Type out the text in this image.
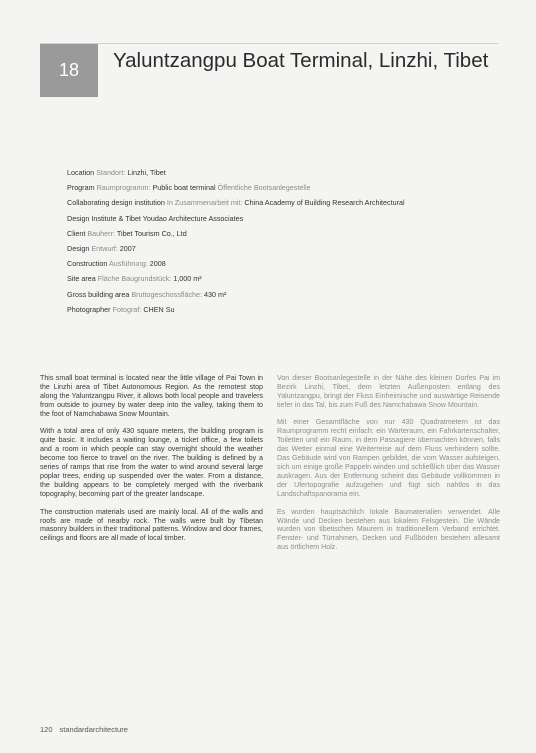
18 Yaluntzangpu Boat Terminal, Linzhi, Tibet
Location Standort: Linzhi, Tibet
Program Raumprogramm: Public boat terminal Öffentliche Bootsanlegestelle
Collaborating design institution In Zusammenarbeit mit: China Academy of Building Research Architectural
Design Institute & Tibet Youdao Architecture Associates
Client Bauherr: Tibet Tourism Co., Ltd
Design Entwurf: 2007
Construction Ausführung: 2008
Site area Fläche Baugrundstück: 1,000 m²
Gross building area Bruttogeschossfläche: 430 m²
Photographer Fotograf: CHEN Su

This small boat terminal is located near the little village of Pai Town in the Linzhi area of Tibet Autonomous Region. As the remotest stop along the Yaluntzangpu River, it allows both local people and travelers from outside to journey by water deep into the valley, taking them to the foot of Namchabawa Snow Mountain.

With a total area of only 430 square meters, the building program is quite basic. It includes a waiting lounge, a ticket office, a few toilets and a room in which people can stay overnight should the weather become too fierce to travel on the river. The building is defined by a series of ramps that rise from the water to wind around several large poplar trees, ending up suspended over the water. From a distance, the building appears to be completely merged with the riverbank topography, becoming part of the greater landscape.

The construction materials used are mainly local. All of the walls and roofs are made of nearby rock. The walls were built by Tibetan masonry builders in their traditional patterns. Window and door frames, ceilings and floors are all made of local timber.

Von dieser Bootsanlegestelle in der Nähe des kleinen Dorfes Pai im Bezirk Linzhi, Tibet, dem letzten Außenposten entlang des Yaluntzangpu, bringt der Fluss Einheimische und auswärtige Reisende tiefer in das Tal, bis zum Fuß des Namchabawa Snow Mountain.

Mit einer Gesamtfläche von nur 430 Quadratmetern ist das Raumprogramm recht einfach: ein Warteraum, ein Fahrkartenschalter, Toiletten und ein Raum, in dem Passagiere übernachten können, falls das Wetter einmal eine Weiterreise auf dem Fluss verhindern sollte. Das Gebäude wird von Rampen gebildet, die vom Wasser aufsteigen, sich um einige große Pappeln winden und schließlich über das Wasser auskragen. Aus der Entfernung scheint das Gebäude vollkommen in der Ufertopografie aufzugehen und fügt sich nahtlos in das Landschaftspanorama ein.

Es wurden hauptsächlich lokale Baumaterialien verwendet. Alle Wände und Decken bestehen aus lokalem Felsgestein. Die Wände wurden von tibetischen Maurern in traditionellem Verband errichtet. Fenster- und Türrahmen, Decken und Fußböden bestehen allesamt aus örtlichem Holz.

120 standardarchitecture
